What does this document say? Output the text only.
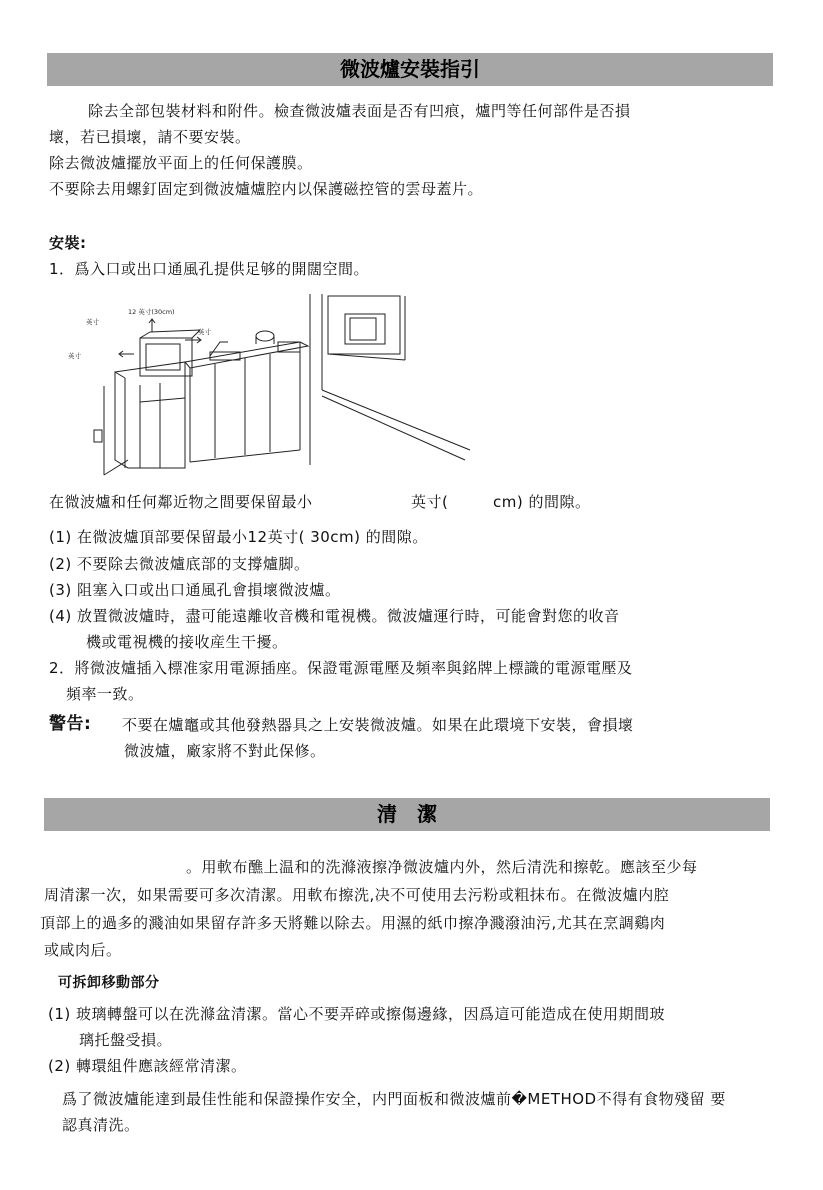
微波爐安裝指引
除去全部包裝材料和附件。檢查微波爐表面是否有凹痕，爐門等任何部件是否損
壞，若已損壞，請不要安裝。
除去微波爐擺放平面上的任何保護膜。
不要除去用螺釘固定到微波爐爐腔内以保護磁控管的雲母蓋片。
安裝:
1．爲入口或出口通風孔提供足够的開闊空間。
12 英寸(30cm)
英寸
英寸
英寸
在微波爐和任何鄰近物之間要保留最小	英寸(	cm) 的間隙。
(1) 在微波爐頂部要保留最小12英寸( 30cm) 的間隙。
(2) 不要除去微波爐底部的支撐爐脚。
(3) 阻塞入口或出口通風孔會損壞微波爐。
(4) 放置微波爐時，盡可能遠離收音機和電視機。微波爐運行時，可能會對您的收音
機或電視機的接收産生干擾。
2．將微波爐插入標准家用電源插座。保證電源電壓及頻率與銘牌上標識的電源電壓及
頻率一致。
警告: 不要在爐竈或其他發熱器具之上安裝微波爐。如果在此環境下安裝，會損壞
微波爐，廠家將不對此保修。
清　潔
。用軟布醮上温和的洗滌液擦净微波爐内外，然后清洗和擦乾。應該至少每
周清潔一次，如果需要可多次清潔。用軟布擦洗,决不可使用去污粉或粗抹布。在微波爐内腔
頂部上的過多的濺油如果留存許多天將難以除去。用濕的紙巾擦净濺潑油污,尤其在烹調鷄肉
或咸肉后。
可拆卸移動部分
(1) 玻璃轉盤可以在洗滌盆清潔。當心不要弄碎或擦傷邊緣，因爲這可能造成在使用期間玻
璃托盤受損。
(2) 轉環組件應該經常清潔。
爲了微波爐能達到最佳性能和保證操作安全，内門面板和微波爐前�METHOD不得有食物殘留 要
認真清洗。
